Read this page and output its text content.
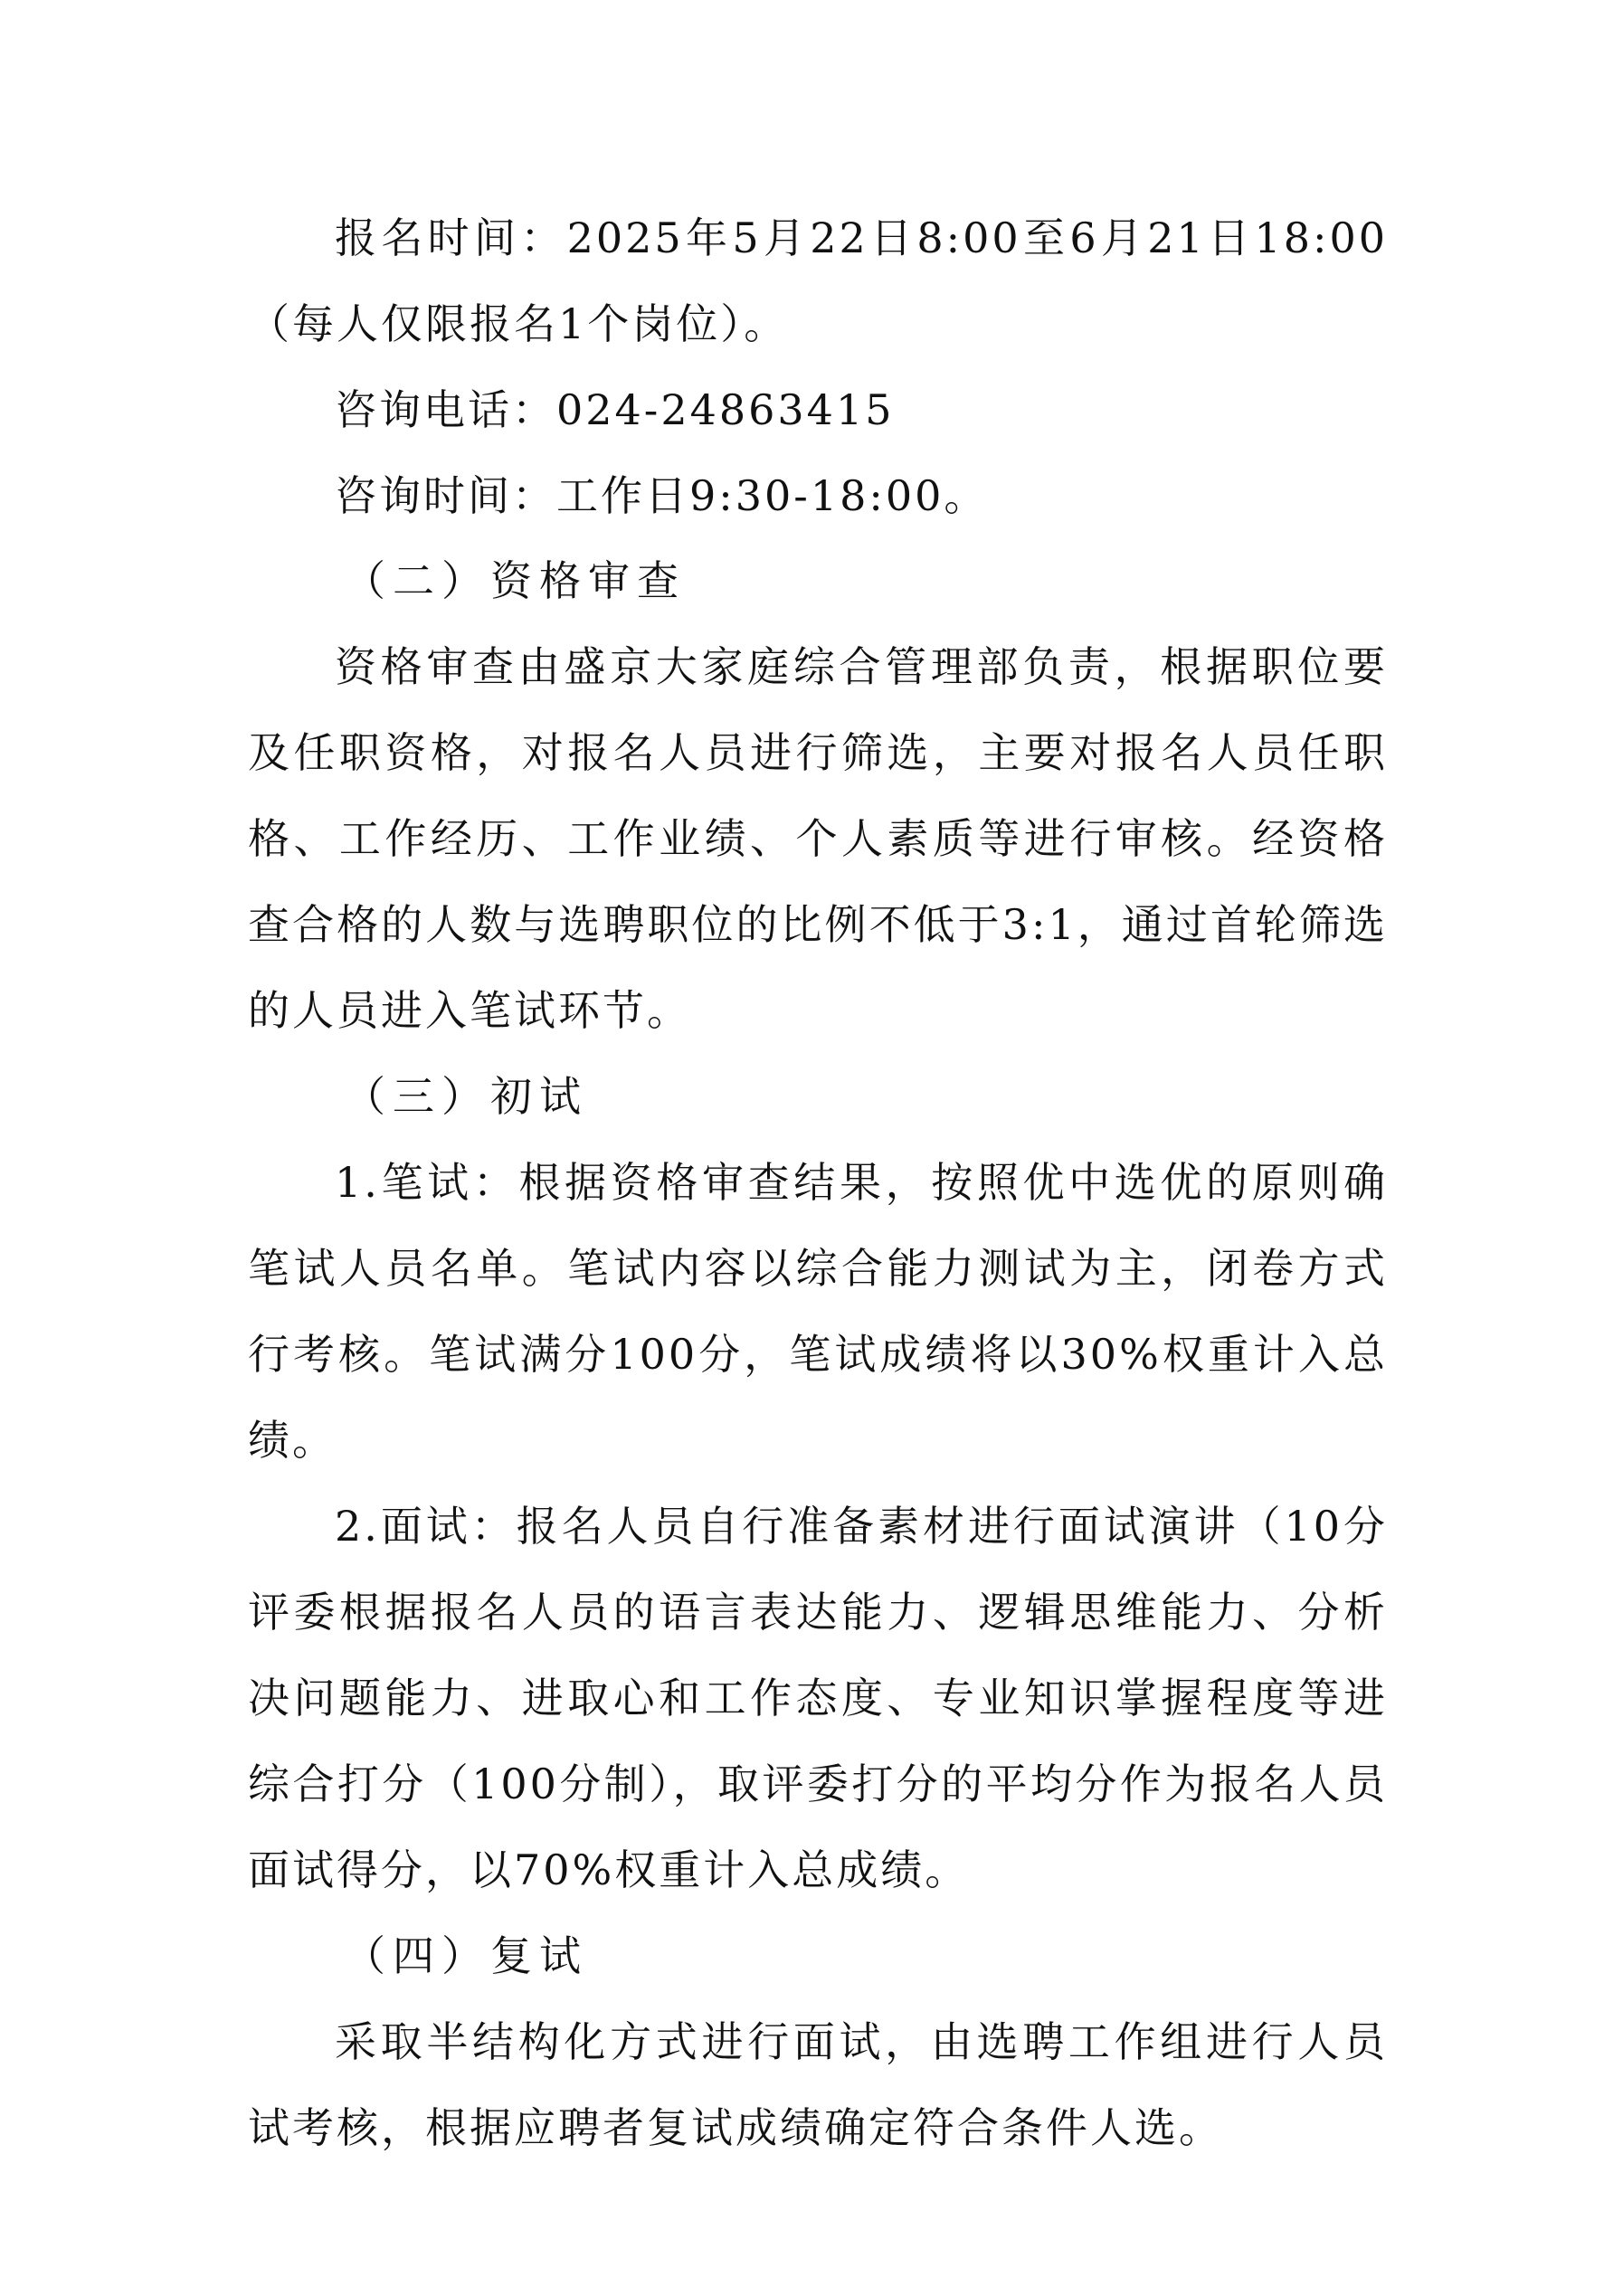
报名时间：2025年5月22日8:00至6月21日18:00
（每人仅限报名1个岗位）。
咨询电话：024-24863415
咨询时间：工作日9:30-18:00。
（二）资格审查
资格审查由盛京大家庭综合管理部负责，根据职位要
及任职资格，对报名人员进行筛选，主要对报名人员任职
格、工作经历、工作业绩、个人素质等进行审核。经资格
查合格的人数与选聘职位的比例不低于3:1，通过首轮筛选
的人员进入笔试环节。
（三）初试
1.笔试：根据资格审查结果，按照优中选优的原则确
笔试人员名单。笔试内容以综合能力测试为主，闭卷方式
行考核。笔试满分100分，笔试成绩将以30%权重计入总
绩。
2.面试：报名人员自行准备素材进行面试演讲（10分
评委根据报名人员的语言表达能力、逻辑思维能力、分析
决问题能力、进取心和工作态度、专业知识掌握程度等进
综合打分（100分制），取评委打分的平均分作为报名人员
面试得分，以70%权重计入总成绩。
（四）复试
采取半结构化方式进行面试，由选聘工作组进行人员
试考核，根据应聘者复试成绩确定符合条件人选。
